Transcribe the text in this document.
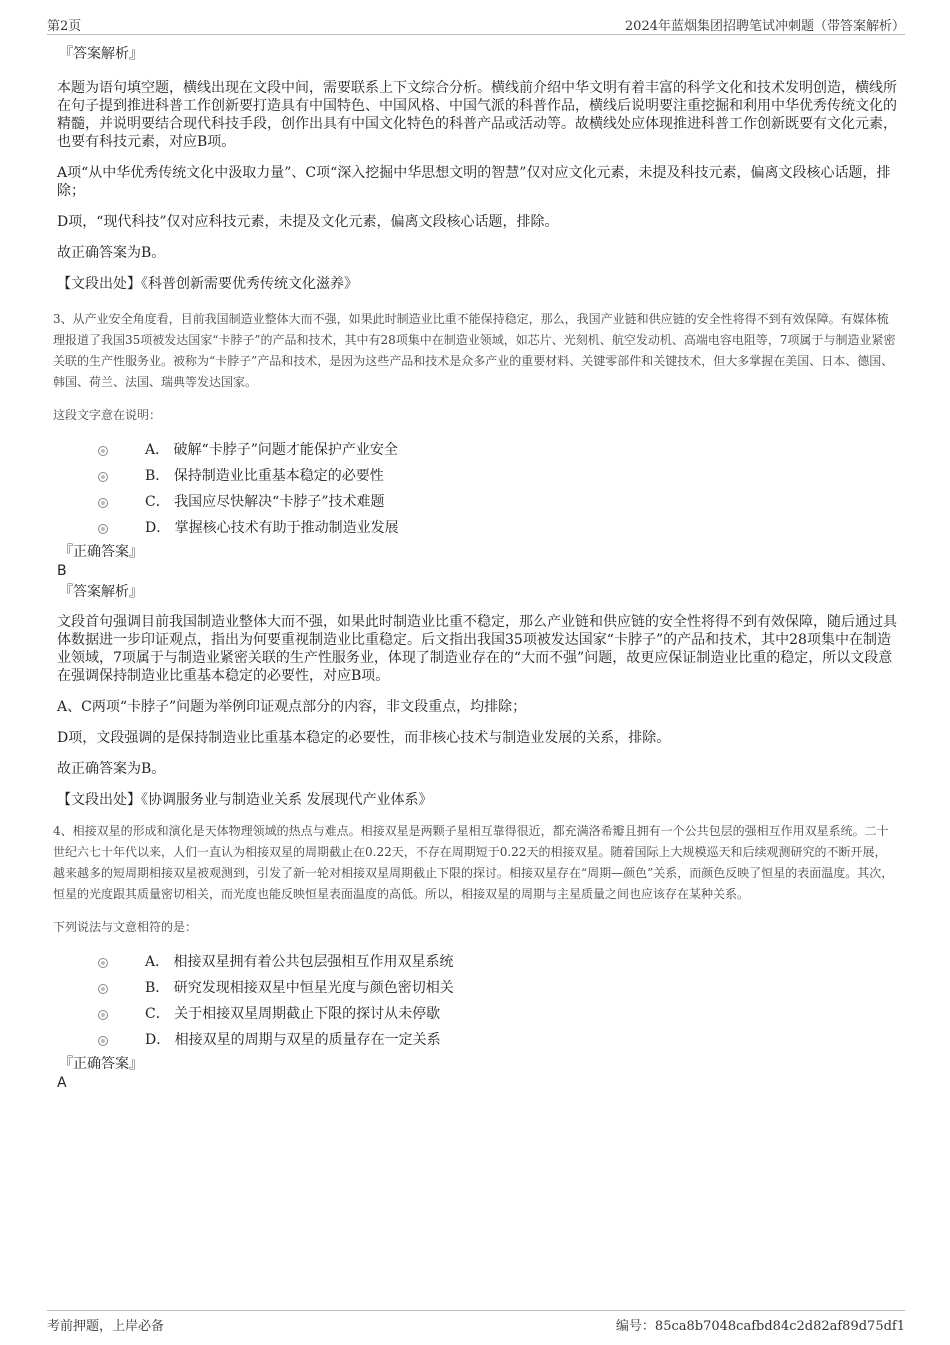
第2页	2024年蓝烟集团招聘笔试冲刺题（带答案解析）

『答案解析』

本题为语句填空题，横线出现在文段中间，需要联系上下文综合分析。横线前介绍中华文明有着丰富的科学文化和技术发明创造，横线所在句子提到推进科普工作创新要打造具有中国特色、中国风格、中国气派的科普作品，横线后说明要注重挖掘和利用中华优秀传统文化的精髓，并说明要结合现代科技手段，创作出具有中国文化特色的科普产品或活动等。故横线处应体现推进科普工作创新既要有文化元素，也要有科技元素，对应B项。

A项“从中华优秀传统文化中汲取力量”、C项“深入挖掘中华思想文明的智慧”仅对应文化元素，未提及科技元素，偏离文段核心话题，排除；

D项，“现代科技”仅对应科技元素，未提及文化元素，偏离文段核心话题，排除。

故正确答案为B。

【文段出处】《科普创新需要优秀传统文化滋养》

3、从产业安全角度看，目前我国制造业整体大而不强，如果此时制造业比重不能保持稳定，那么，我国产业链和供应链的安全性将得不到有效保障。有媒体梳理报道了我国35项被发达国家“卡脖子”的产品和技术，其中有28项集中在制造业领域，如芯片、光刻机、航空发动机、高端电容电阻等，7项属于与制造业紧密关联的生产性服务业。被称为“卡脖子”产品和技术，是因为这些产品和技术是众多产业的重要材料、关键零部件和关键技术，但大多掌握在美国、日本、德国、韩国、荷兰、法国、瑞典等发达国家。

这段文字意在说明：

A． 破解“卡脖子”问题才能保护产业安全
B． 保持制造业比重基本稳定的必要性
C． 我国应尽快解决“卡脖子”技术难题
D． 掌握核心技术有助于推动制造业发展

『正确答案』

B

『答案解析』

文段首句强调目前我国制造业整体大而不强，如果此时制造业比重不稳定，那么产业链和供应链的安全性将得不到有效保障，随后通过具体数据进一步印证观点，指出为何要重视制造业比重稳定。后文指出我国35项被发达国家“卡脖子”的产品和技术，其中28项集中在制造业领域，7项属于与制造业紧密关联的生产性服务业，体现了制造业存在的“大而不强”问题，故更应保证制造业比重的稳定，所以文段意在强调保持制造业比重基本稳定的必要性，对应B项。

A、C两项“卡脖子”问题为举例印证观点部分的内容，非文段重点，均排除；

D项，文段强调的是保持制造业比重基本稳定的必要性，而非核心技术与制造业发展的关系，排除。

故正确答案为B。

【文段出处】《协调服务业与制造业关系 发展现代产业体系》

4、相接双星的形成和演化是天体物理领域的热点与难点。相接双星是两颗子星相互靠得很近，都充满洛希瓣且拥有一个公共包层的强相互作用双星系统。二十世纪六七十年代以来，人们一直认为相接双星的周期截止在0.22天，不存在周期短于0.22天的相接双星。随着国际上大规模巡天和后续观测研究的不断开展，越来越多的短周期相接双星被观测到，引发了新一轮对相接双星周期截止下限的探讨。相接双星存在“周期—颜色”关系，而颜色反映了恒星的表面温度。其次，恒星的光度跟其质量密切相关，而光度也能反映恒星表面温度的高低。所以，相接双星的周期与主星质量之间也应该存在某种关系。

下列说法与文意相符的是：

A． 相接双星拥有着公共包层强相互作用双星系统
B． 研究发现相接双星中恒星光度与颜色密切相关
C． 关于相接双星周期截止下限的探讨从未停歇
D． 相接双星的周期与双星的质量存在一定关系

『正确答案』

A

考前押题，上岸必备	编号：85ca8b7048cafbd84c2d82af89d75df1
